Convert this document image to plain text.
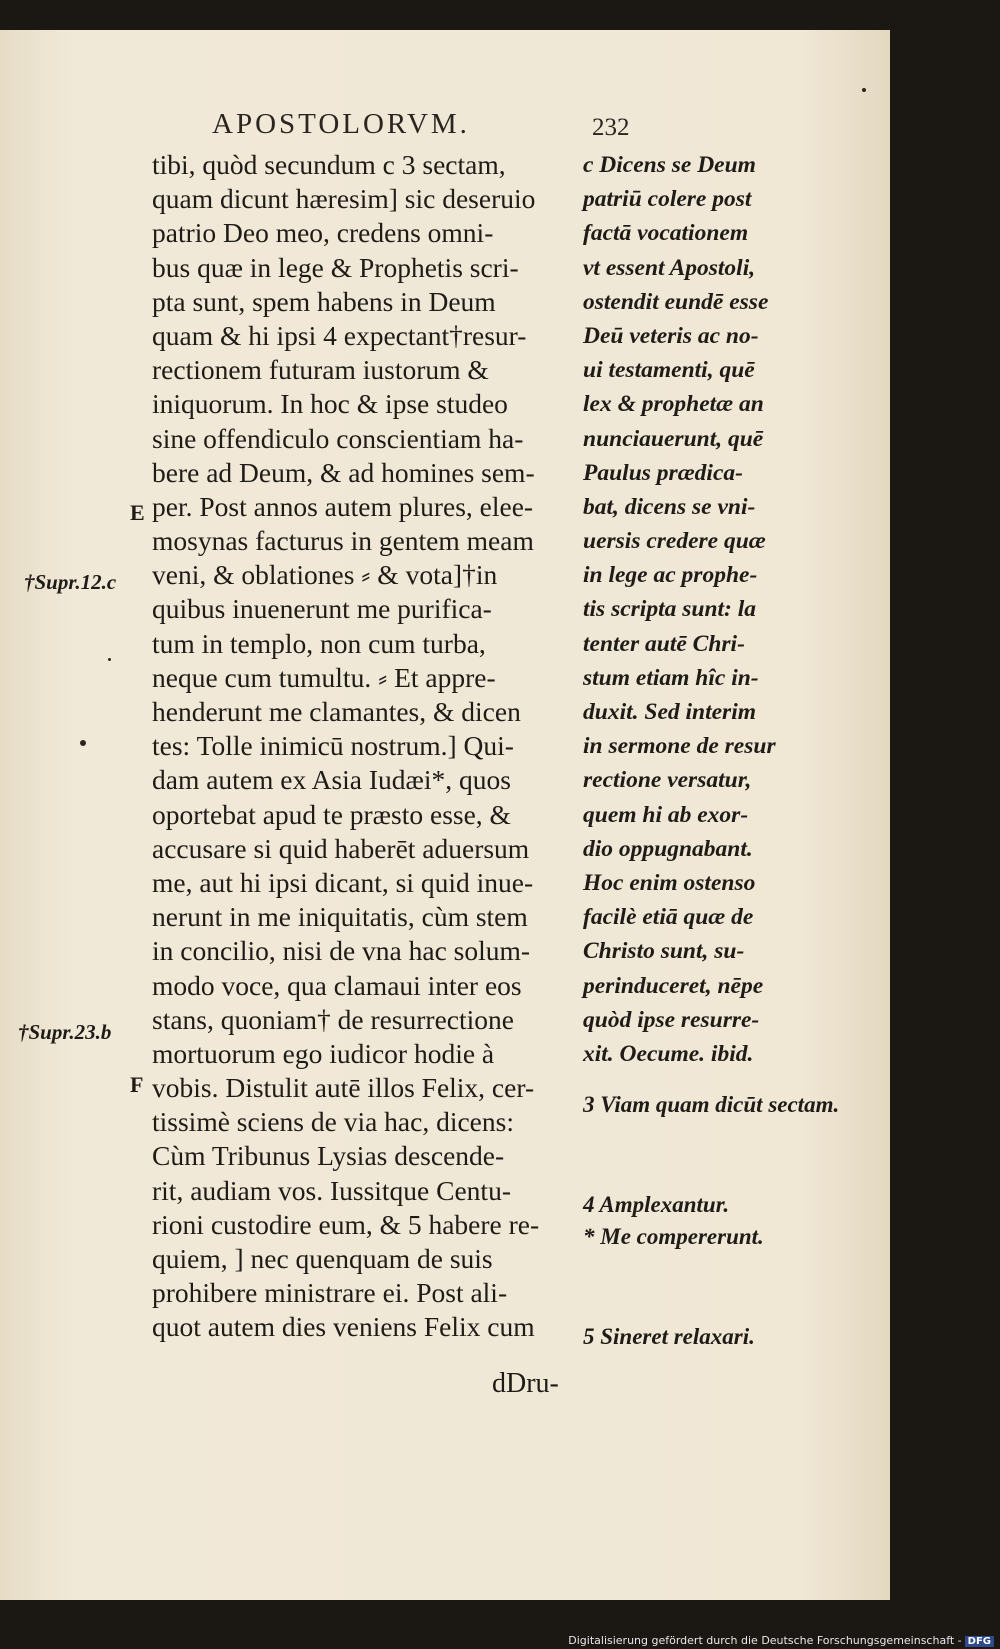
APOSTOLORVM.	232
tibi, quòd secundum c 3 sectam,
quam dicunt hæresim] sic deseruio
patrio Deo meo, credens omni-
bus quæ in lege & Prophetis scri-
pta sunt, spem habens in Deum
quam & hi ipsi 4 expectant†resur-
rectionem futuram iustorum &
iniquorum. In hoc & ipse studeo
sine offendiculo conscientiam ha-
bere ad Deum, & ad homines sem-
per. Post annos autem plures, elee-
mosynas facturus in gentem meam
veni, & oblationes ⸗ & vota]†in
quibus inuenerunt me purifica-
tum in templo, non cum turba,
neque cum tumultu. ⸗ Et appre-
henderunt me clamantes, & dicen
tes: Tolle inimicū nostrum.] Qui-
dam autem ex Asia Iudæi*, quos
oportebat apud te præsto esse, &
accusare si quid haberēt aduersum
me, aut hi ipsi dicant, si quid inue-
nerunt in me iniquitatis, cùm stem
in concilio, nisi de vna hac solum-
modo voce, qua clamaui inter eos
stans, quoniam† de resurrectione
mortuorum ego iudicor hodie à
vobis. Distulit autē illos Felix, cer-
tissimè sciens de via hac, dicens:
Cùm Tribunus Lysias descende-
rit, audiam vos. Iussitque Centu-
rioni custodire eum, & 5 habere re-
quiem, ] nec quenquam de suis
prohibere ministrare ei. Post ali-
quot autem dies veniens Felix cum
c Dicens se Deum
patriū colere post
factā vocationem
vt essent Apostoli,
ostendit eundē esse
Deū veteris ac no-
ui testamenti, quē
lex & prophetæ an
nunciauerunt, quē
Paulus prædica-
bat, dicens se vni-
uersis credere quæ
in lege ac prophe-
tis scripta sunt: la
tenter autē Chri-
stum etiam hîc in-
duxit. Sed interim
in sermone de resur
rectione versatur,
quem hi ab exor-
dio oppugnabant.
Hoc enim ostenso
facilè etiā quæ de
Christo sunt, su-
perinduceret, nēpe
quòd ipse resurre-
xit. Oecume. ibid.
3 Viam quam dicūt sectam.
4 Amplexantur.
* Me compererunt.
5 Sineret relaxari.
†Supr.12.c
†Supr.23.b
E
F
dDru-
Digitalisierung gefördert durch die Deutsche Forschungsgemeinschaft - DFG
